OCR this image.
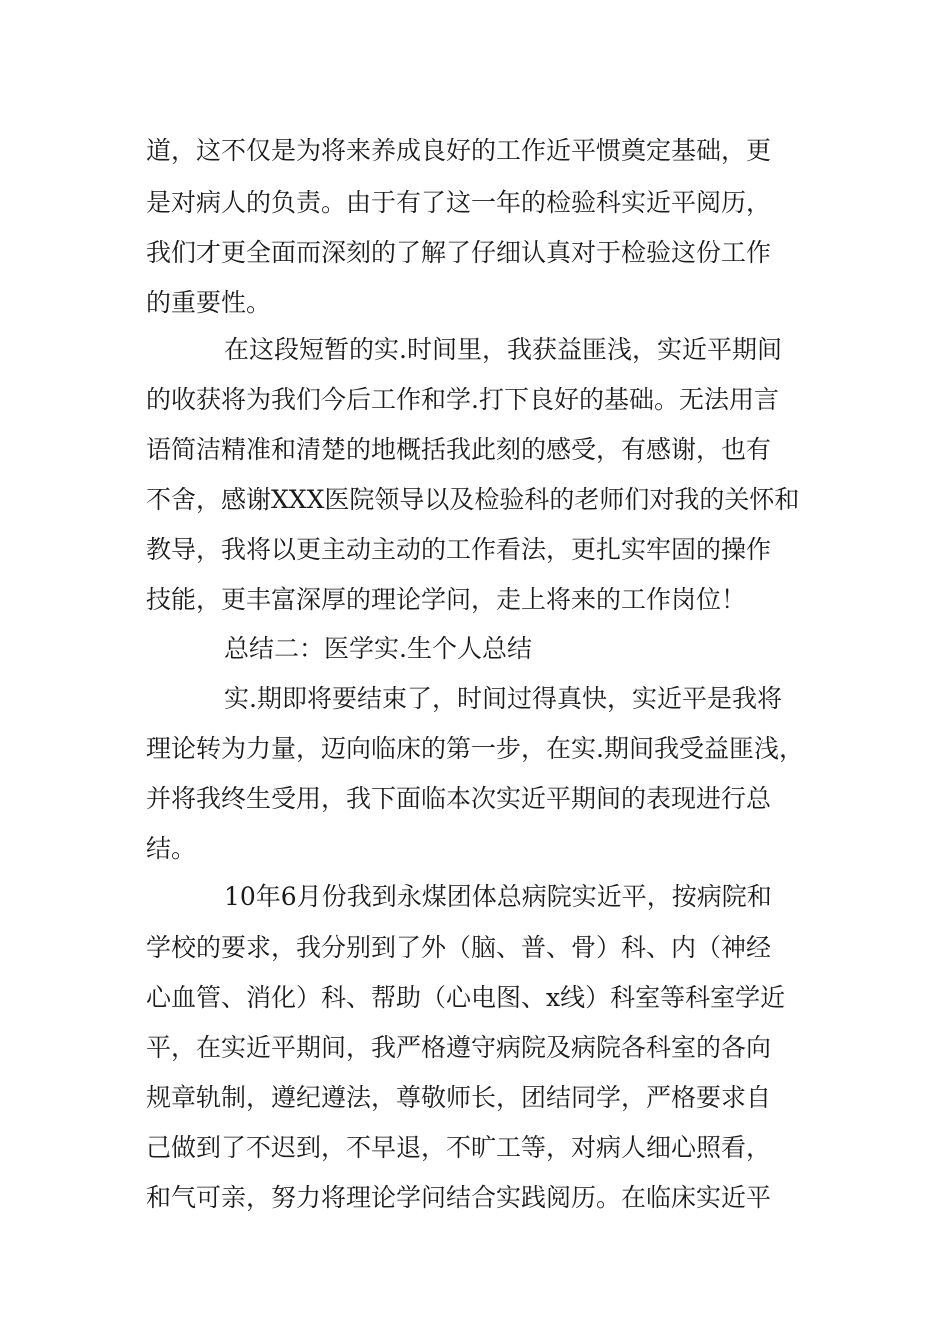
道，这不仅是为将来养成良好的工作近平惯奠定基础，更

是对病人的负责。由于有了这一年的检验科实近平阅历，

我们才更全面而深刻的了解了仔细认真对于检验这份工作

的重要性。

在这段短暂的实.时间里，我获益匪浅，实近平期间

的收获将为我们今后工作和学.打下良好的基础。无法用言

语简洁精准和清楚的地概括我此刻的感受，有感谢，也有

不舍，感谢XXX医院领导以及检验科的老师们对我的关怀和

教导，我将以更主动主动的工作看法，更扎实牢固的操作

技能，更丰富深厚的理论学问，走上将来的工作岗位！

总结二：医学实.生个人总结

实.期即将要结束了，时间过得真快，实近平是我将

理论转为力量，迈向临床的第一步，在实.期间我受益匪浅，

并将我终生受用，我下面临本次实近平期间的表现进行总

结。

10年6月份我到永煤团体总病院实近平，按病院和

学校的要求，我分别到了外（脑、普、骨）科、内（神经

心血管、消化）科、帮助（心电图、x线）科室等科室学近

平，在实近平期间，我严格遵守病院及病院各科室的各向

规章轨制，遵纪遵法，尊敬师长，团结同学，严格要求自

己做到了不迟到，不早退，不旷工等，对病人细心照看，

和气可亲，努力将理论学问结合实践阅历。在临床实近平
